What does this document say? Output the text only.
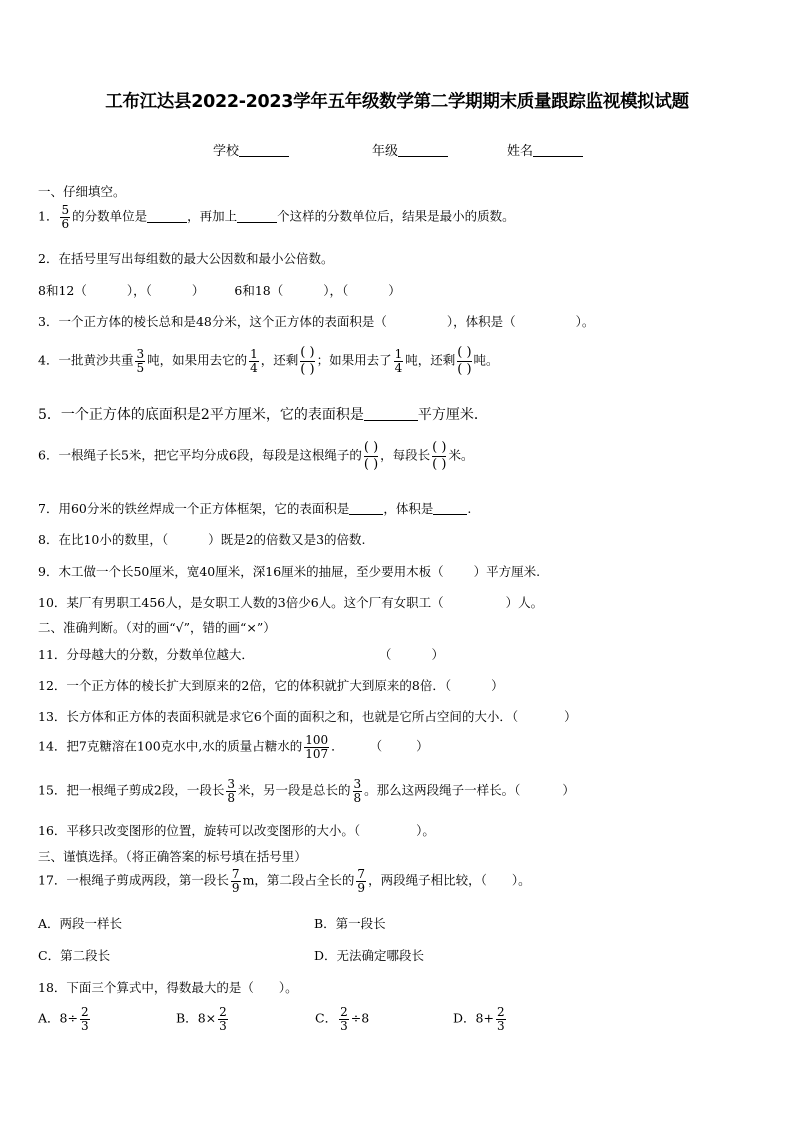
工布江达县2022-2023学年五年级数学第二学期期末质量跟踪监视模拟试题
学校	年级	姓名
一、仔细填空。
1． $\frac{5}{6}$ 的分数单位是	，再加上	个这样的分数单位后，结果是最小的质数。
2．在括号里写出每组数的最大公因数和最小公倍数。
8和12（	），（	） 6和18（	），（	）
3．一个正方体的棱长总和是48分米，这个正方体的表面积是（	），体积是（	）。
4．一批黄沙共重 $\frac{3}{5}$ 吨，如果用去它的 $\frac{1}{4}$ ，还剩
( )
( )
；如果用去了 $\frac{1}{4}$ 吨，还剩
( )
( )
吨。
5．一个正方体的底面积是2平方厘米，它的表面积是	平方厘米．
6．一根绳子长5米，把它平均分成6段，每段是这根绳子的
( )
( )
，每段长
( )
( )
米。
7．用60分米的铁丝焊成一个正方体框架，它的表面积是	，体积是	.
8．在比10小的数里，（	）既是2的倍数又是3的倍数.
9．木工做一个长50厘米，宽40厘米，深16厘米的抽屉，至少要用木板（ ）平方厘米.
10．某厂有男职工456人，是女职工人数的3倍少6人。这个厂有女职工（	）人。
二、准确判断。（对的画“√”，错的画“×”）
11．分母越大的分数，分数单位越大．	（	）
12．一个正方体的棱长扩大到原来的2倍，它的体积就扩大到原来的8倍．（	）
13．长方体和正方体的表面积就是求它6个面的面积之和，也就是它所占空间的大小．（	）
14．把7克糖溶在100克水中,水的质量占糖水的 $\frac{100}{107}$ ． （	）
15．把一根绳子剪成2段，一段长 $\frac{3}{8}$ 米，另一段是总长的 $\frac{3}{8}$ 。那么这两段绳子一样长。（	）
16．平移只改变图形的位置，旋转可以改变图形的大小。（	）。
三、谨慎选择。（将正确答案的标号填在括号里）
17．一根绳子剪成两段，第一段长 $\frac{7}{9}$ m，第二段占全长的 $\frac{7}{9}$ ，两段绳子相比较，（　　）。
A．两段一样长	B．第一段长
C．第二段长	D．无法确定哪段长
18．下面三个算式中，得数最大的是（　　）。
A．$8\div \frac{2}{3}$	B．$8\times \frac{2}{3}$	C． $\frac{2}{3} \div 8$	D．$8+ \frac{2}{3}$
